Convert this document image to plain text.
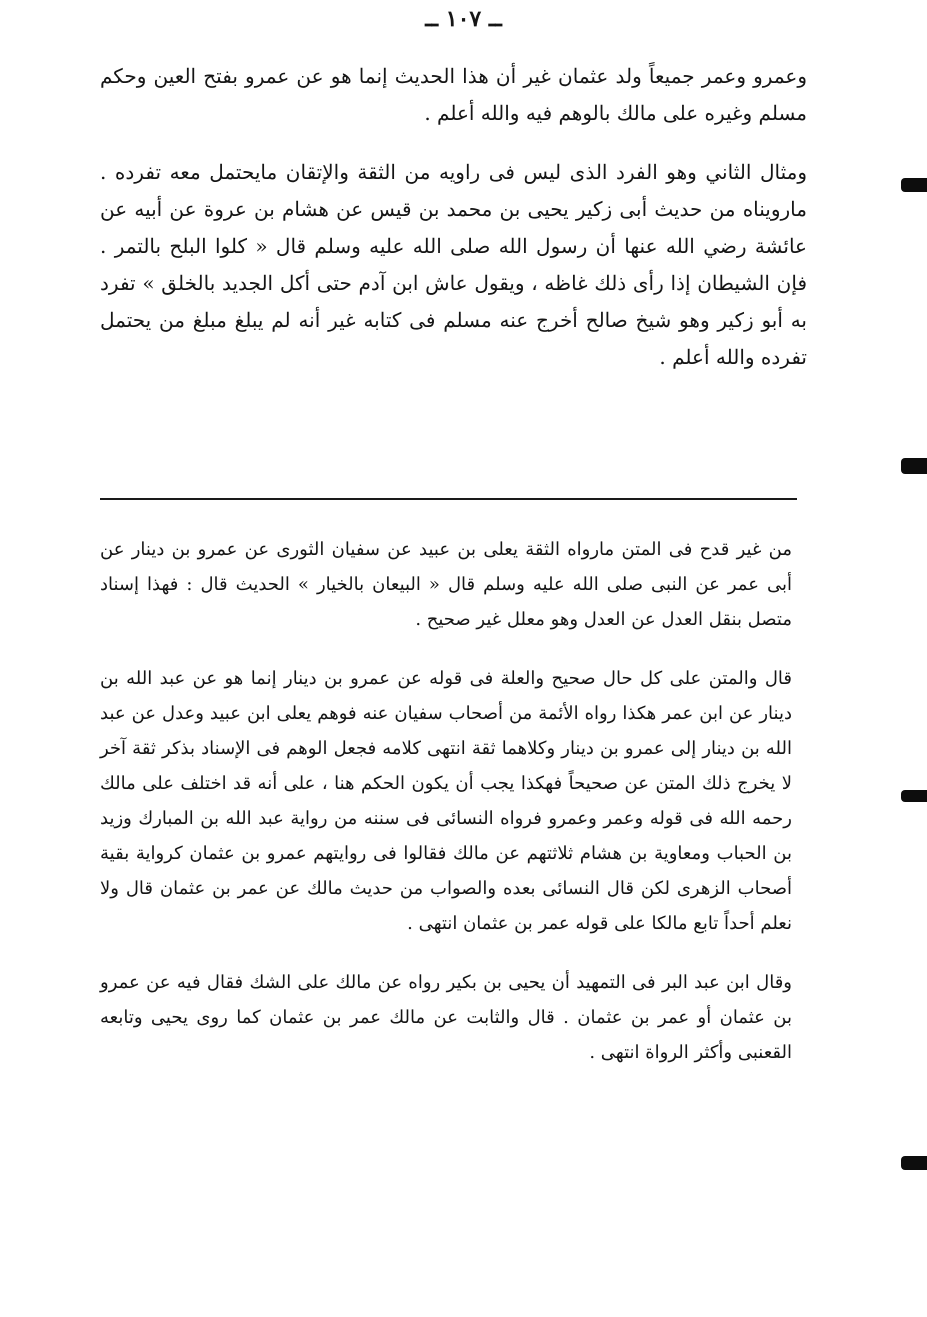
ــ ١٠٧ ــ

وعمرو وعمر جميعاً ولد عثمان غير أن هذا الحديث إنما هو عن عمرو بفتح العين وحكم مسلم وغيره على مالك بالوهم فيه والله أعلم .

ومثال الثاني وهو الفرد الذى ليس فى راويه من الثقة والإتقان مايحتمل معه تفرده . مارويناه من حديث أبى زكير يحيى بن محمد بن قيس عن هشام بن عروة عن أبيه عن عائشة رضي الله عنها أن رسول الله صلى الله عليه وسلم قال « كلوا البلح بالتمر . فإن الشيطان إذا رأى ذلك غاظه ، ويقول عاش ابن آدم حتى أكل الجديد بالخلق » تفرد به أبو زكير وهو شيخ صالح أخرج عنه مسلم فى كتابه غير أنه لم يبلغ مبلغ من يحتمل تفرده والله أعلم .

من غير قدح فى المتن مارواه الثقة يعلى بن عبيد عن سفيان الثورى عن عمرو بن دينار عن أبى عمر عن النبى صلى الله عليه وسلم قال « البيعان بالخيار » الحديث قال : فهذا إسناد متصل بنقل العدل عن العدل وهو معلل غير صحيح .

قال والمتن على كل حال صحيح والعلة فى قوله عن عمرو بن دينار إنما هو عن عبد الله بن دينار عن ابن عمر هكذا رواه الأئمة من أصحاب سفيان عنه فوهم يعلى ابن عبيد وعدل عن عبد الله بن دينار إلى عمرو بن دينار وكلاهما ثقة انتهى كلامه فجعل الوهم فى الإسناد بذكر ثقة آخر لا يخرج ذلك المتن عن صحيحاً فهكذا يجب أن يكون الحكم هنا ، على أنه قد اختلف على مالك رحمه الله فى قوله وعمر وعمرو فرواه النسائى فى سننه من رواية عبد الله بن المبارك وزيد بن الحباب ومعاوية بن هشام ثلاثتهم عن مالك فقالوا فى روايتهم عمرو بن عثمان كرواية بقية أصحاب الزهرى لكن قال النسائى بعده والصواب من حديث مالك عن عمر بن عثمان قال ولا نعلم أحداً تابع مالكا على قوله عمر بن عثمان انتهى .

وقال ابن عبد البر فى التمهيد أن يحيى بن بكير رواه عن مالك على الشك فقال فيه عن عمرو بن عثمان أو عمر بن عثمان . قال والثابت عن مالك عمر بن عثمان كما روى يحيى وتابعه القعنبى وأكثر الرواة انتهى .
